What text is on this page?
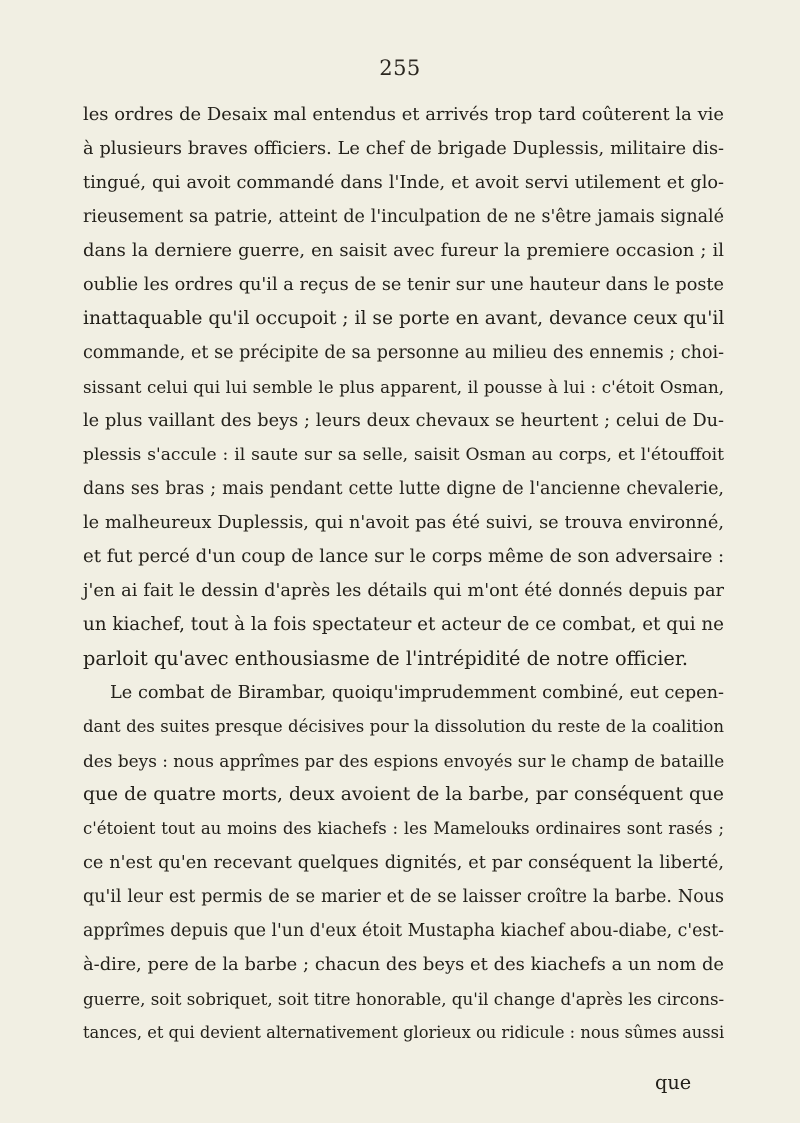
255
les ordres de Desaix mal entendus et arrivés trop tard coûterent la vie
à plusieurs braves officiers. Le chef de brigade Duplessis, militaire dis-
tingué, qui avoit commandé dans l'Inde, et avoit servi utilement et glo-
rieusement sa patrie, atteint de l'inculpation de ne s'être jamais signalé
dans la derniere guerre, en saisit avec fureur la premiere occasion ; il
oublie les ordres qu'il a reçus de se tenir sur une hauteur dans le poste
inattaquable qu'il occupoit ; il se porte en avant, devance ceux qu'il
commande, et se précipite de sa personne au milieu des ennemis ; choi-
sissant celui qui lui semble le plus apparent, il pousse à lui : c'étoit Osman,
le plus vaillant des beys ; leurs deux chevaux se heurtent ; celui de Du-
plessis s'accule : il saute sur sa selle, saisit Osman au corps, et l'étouffoit
dans ses bras ; mais pendant cette lutte digne de l'ancienne chevalerie,
le malheureux Duplessis, qui n'avoit pas été suivi, se trouva environné,
et fut percé d'un coup de lance sur le corps même de son adversaire :
j'en ai fait le dessin d'après les détails qui m'ont été donnés depuis par
un kiachef, tout à la fois spectateur et acteur de ce combat, et qui ne
parloit qu'avec enthousiasme de l'intrépidité de notre officier.
Le combat de Birambar, quoiqu'imprudemment combiné, eut cepen-
dant des suites presque décisives pour la dissolution du reste de la coalition
des beys : nous apprîmes par des espions envoyés sur le champ de bataille
que de quatre morts, deux avoient de la barbe, par conséquent que
c'étoient tout au moins des kiachefs : les Mamelouks ordinaires sont rasés ;
ce n'est qu'en recevant quelques dignités, et par conséquent la liberté,
qu'il leur est permis de se marier et de se laisser croître la barbe. Nous
apprîmes depuis que l'un d'eux étoit Mustapha kiachef abou-diabe, c'est-
à-dire, pere de la barbe ; chacun des beys et des kiachefs a un nom de
guerre, soit sobriquet, soit titre honorable, qu'il change d'après les circons-
tances, et qui devient alternativement glorieux ou ridicule : nous sûmes aussi
que
